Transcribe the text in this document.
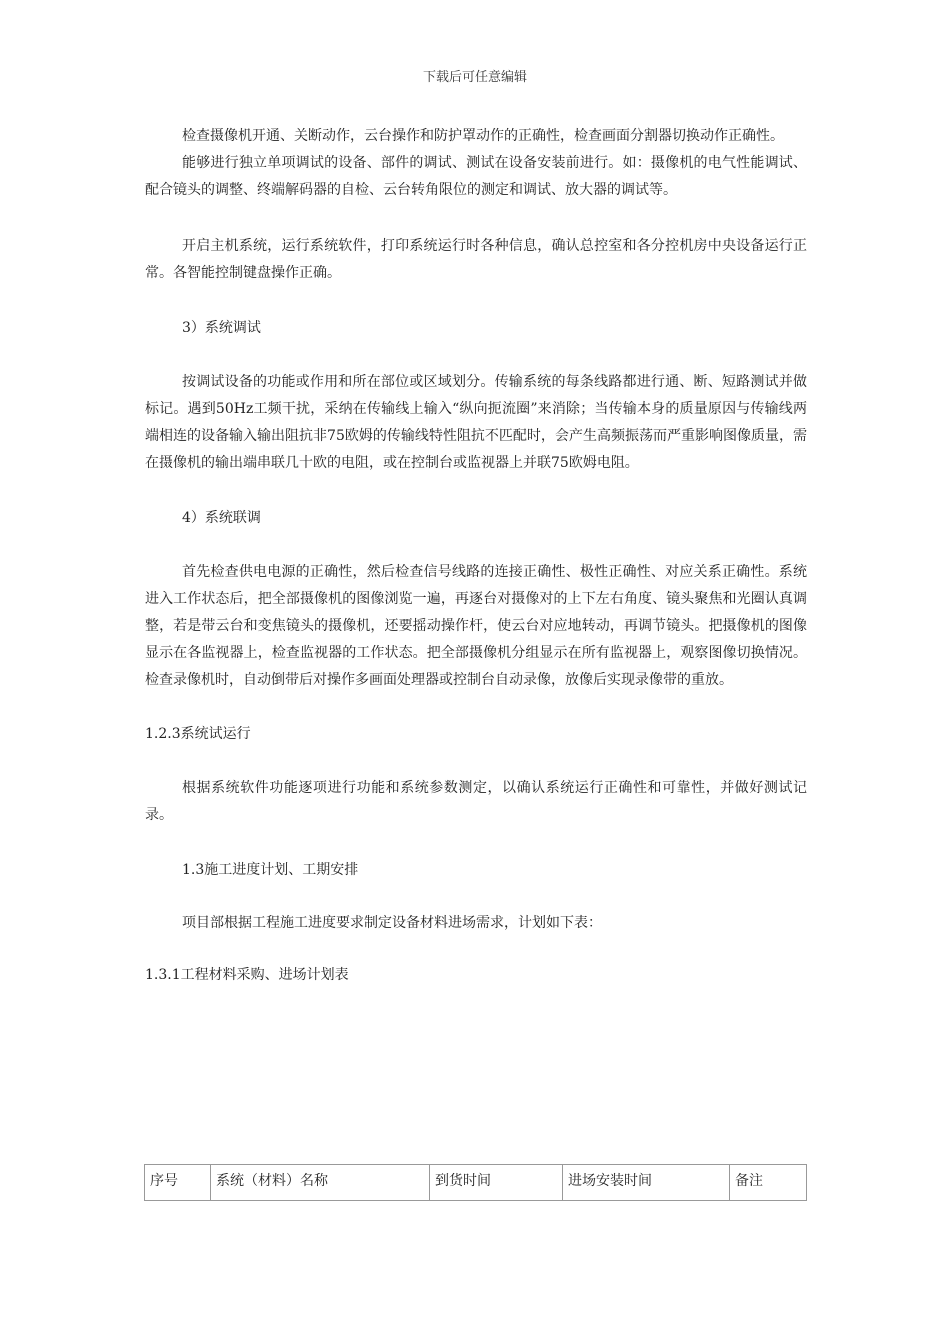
下载后可任意编辑

检查摄像机开通、关断动作，云台操作和防护罩动作的正确性，检查画面分割器切换动作正确性。

能够进行独立单项调试的设备、部件的调试、测试在设备安装前进行。如：摄像机的电气性能调试、配合镜头的调整、终端解码器的自检、云台转角限位的测定和调试、放大器的调试等。

开启主机系统，运行系统软件，打印系统运行时各种信息，确认总控室和各分控机房中央设备运行正常。各智能控制键盘操作正确。

3）系统调试

按调试设备的功能或作用和所在部位或区域划分。传输系统的每条线路都进行通、断、短路测试并做标记。遇到50Hz工频干扰，采纳在传输线上输入“纵向扼流圈”来消除；当传输本身的质量原因与传输线两端相连的设备输入输出阻抗非75欧姆的传输线特性阻抗不匹配时，会产生高频振荡而严重影响图像质量，需在摄像机的输出端串联几十欧的电阻，或在控制台或监视器上并联75欧姆电阻。

4）系统联调

首先检查供电电源的正确性，然后检查信号线路的连接正确性、极性正确性、对应关系正确性。系统进入工作状态后，把全部摄像机的图像浏览一遍，再逐台对摄像对的上下左右角度、镜头聚焦和光圈认真调整，若是带云台和变焦镜头的摄像机，还要摇动操作杆，使云台对应地转动，再调节镜头。把摄像机的图像显示在各监视器上，检查监视器的工作状态。把全部摄像机分组显示在所有监视器上，观察图像切换情况。检查录像机时，自动倒带后对操作多画面处理器或控制台自动录像，放像后实现录像带的重放。

1.2.3系统试运行

根据系统软件功能逐项进行功能和系统参数测定，以确认系统运行正确性和可靠性，并做好测试记录。

1.3施工进度计划、工期安排

项目部根据工程施工进度要求制定设备材料进场需求，计划如下表：

1.3.1工程材料采购、进场计划表

序号	系统（材料）名称	到货时间	进场安装时间	备注
